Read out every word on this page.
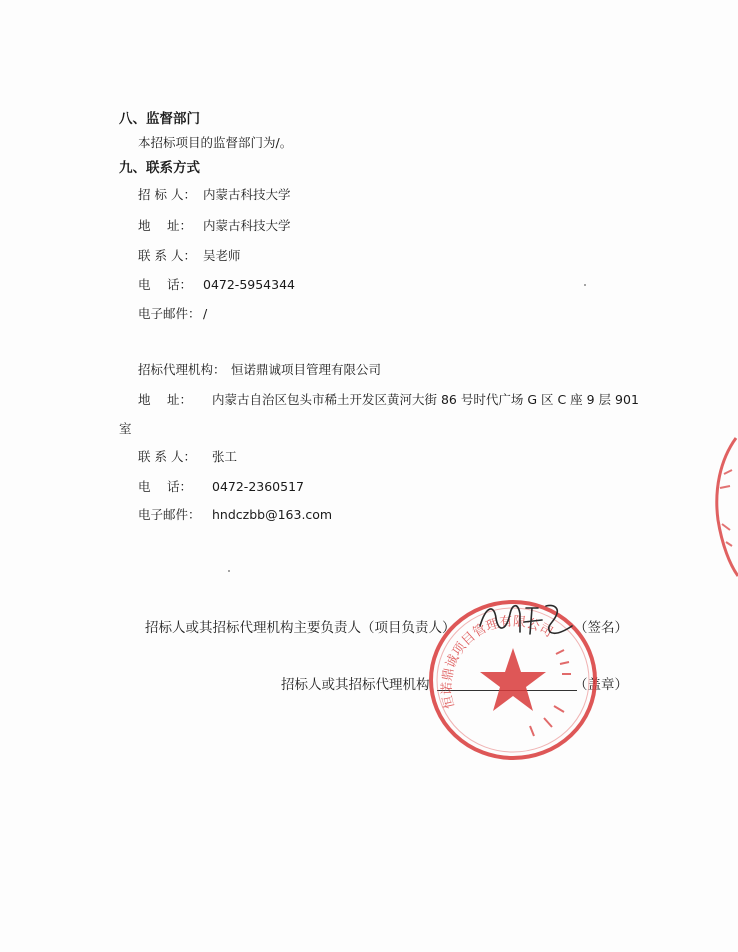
八、监督部门
本招标项目的监督部门为/。
九、联系方式
招 标 人： 内蒙古科技大学
地 　址： 内蒙古科技大学
联 系 人： 吴老师
电 　话： 0472-5954344
电子邮件： /
招标代理机构： 恒诺鼎诚项目管理有限公司
地 　址： 内蒙古自治区包头市稀土开发区黄河大街 86 号时代广场 G 区 C 座 9 层 901
室
联 系 人： 张工
电 　话： 0472-2360517
电子邮件： hndczbb@163.com
招标人或其招标代理机构主要负责人（项目负责人）	（签名）
招标人或其招标代理机构	（盖章）
恒诺鼎诚项目管理有限公司
